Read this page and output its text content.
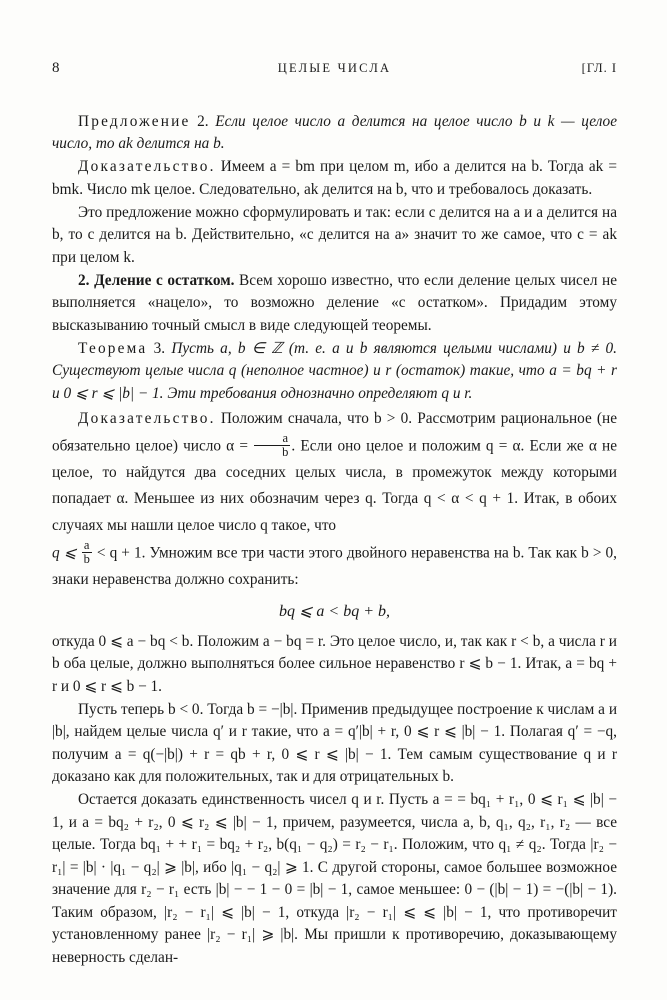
8	ЦЕЛЫЕ ЧИСЛА	[ГЛ. I

Предложение 2. Если целое число a делится на целое число b и k — целое число, то ak делится на b.

Доказательство. Имеем a = bm при целом m, ибо a делится на b. Тогда ak = bmk. Число mk целое. Следовательно, ak делится на b, что и требовалось доказать.

Это предложение можно сформулировать и так: если c делится на a и a делится на b, то c делится на b. Действительно, «c делится на a» значит то же самое, что c = ak при целом k.

2. Деление с остатком. Всем хорошо известно, что если деление целых чисел не выполняется «нацело», то возможно деление «с остатком». Придадим этому высказыванию точный смысл в виде следующей теоремы.

Теорема 3. Пусть a, b ∈ ℤ (т. е. a и b являются целыми числами) и b ≠ 0. Существуют целые числа q (неполное частное) и r (остаток) такие, что a = bq + r и 0 ⩽ r ⩽ |b| − 1. Эти требования однозначно определяют q и r.

Доказательство. Положим сначала, что b > 0. Рассмотрим рациональное (не обязательно целое) число $\alpha = \frac{a}{b}$ . Если оно целое и положим q = α. Если же α не целое, то найдутся два соседних целых числа, в промежуток между которыми попадает α. Меньшее из них обозначим через q. Тогда q < α < q + 1. Итак, в обоих случаях мы нашли целое число q такое, что

q ⩽ $\frac{a}{b} < q + 1$. Умножим все три части этого двойного неравенства на b. Так как b > 0, знаки неравенства должно сохранить:

bq ⩽ a < bq + b,

откуда 0 ⩽ a − bq < b. Положим a − bq = r. Это целое число, и, так как r < b, а числа r и b оба целые, должно выполняться более сильное неравенство r ⩽ b − 1. Итак, a = bq + r и 0 ⩽ r ⩽ b − 1.

Пусть теперь b < 0. Тогда b = −|b|. Применив предыдущее построение к числам a и |b|, найдем целые числа q′ и r такие, что a = q′|b| + r, 0 ⩽ r ⩽ |b| − 1. Полагая q′ = −q, получим a = q(−|b|) + r = qb + r, 0 ⩽ r ⩽ |b| − 1. Тем самым существование q и r доказано как для положительных, так и для отрицательных b.

Остается доказать единственность чисел q и r. Пусть a = = bq₁ + r₁, 0 ⩽ r₁ ⩽ |b| − 1, и a = bq₂ + r₂, 0 ⩽ r₂ ⩽ |b| − 1, причем, разумеется, числа a, b, q₁, q₂, r₁, r₂ — все целые. Тогда bq₁ + + r₁ = bq₂ + r₂, b(q₁ − q₂) = r₂ − r₁. Положим, что q₁ ≠ q₂. Тогда |r₂ − r₁| = |b| · |q₁ − q₂| ⩾ |b|, ибо |q₁ − q₂| ⩾ 1. С другой стороны, самое большее возможное значение для r₂ − r₁ есть |b| − − 1 − 0 = |b| − 1, самое меньшее: 0 − (|b| − 1) = −(|b| − 1). Таким образом, |r₂ − r₁| ⩽ |b| − 1, откуда |r₂ − r₁| ⩽ ⩽ |b| − 1, что противоречит установленному ранее |r₂ − r₁| ⩾ |b|. Мы пришли к противоречию, доказывающему неверность сделан-
